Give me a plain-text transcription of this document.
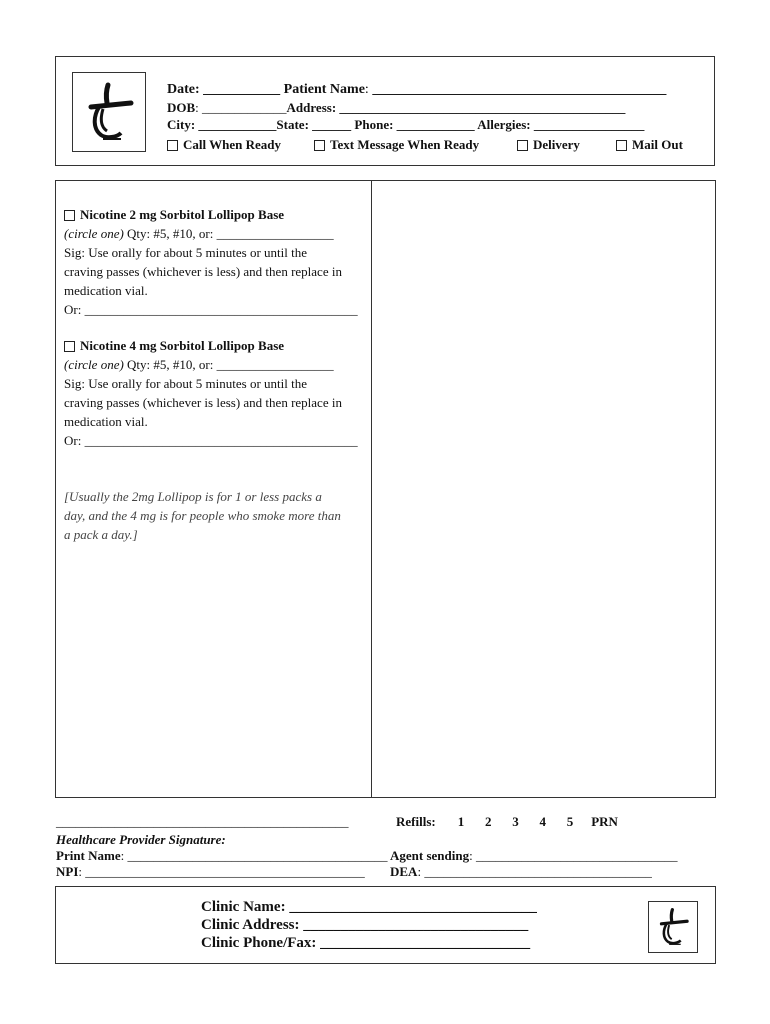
Date: ___________ Patient Name: __________________________________________
DOB: _____________Address: ____________________________________________
City: ____________State: ______ Phone: ____________ Allergies: _________________
Call When Ready	Text Message When Ready	Delivery	Mail Out
Nicotine 2 mg Sorbitol Lollipop Base
(circle one) Qty: #5, #10, or: __________________
Sig: Use orally for about 5 minutes or until the
craving passes (whichever is less) and then replace in
medication vial.
Or: __________________________________________
Nicotine 4 mg Sorbitol Lollipop Base
(circle one) Qty: #5, #10, or: __________________
Sig: Use orally for about 5 minutes or until the
craving passes (whichever is less) and then replace in
medication vial.
Or: __________________________________________
[Usually the 2mg Lollipop is for 1 or less packs a
day, and the 4 mg is for people who smoke more than
a pack a day.]
_____________________________________________
Healthcare Provider Signature:
Print Name: ________________________________________
NPI: ___________________________________________
Refills: 1 2 3 4 5 PRN
Agent sending: _______________________________
DEA: ___________________________________
Clinic Name: _________________________________
Clinic Address: ______________________________
Clinic Phone/Fax: ____________________________
